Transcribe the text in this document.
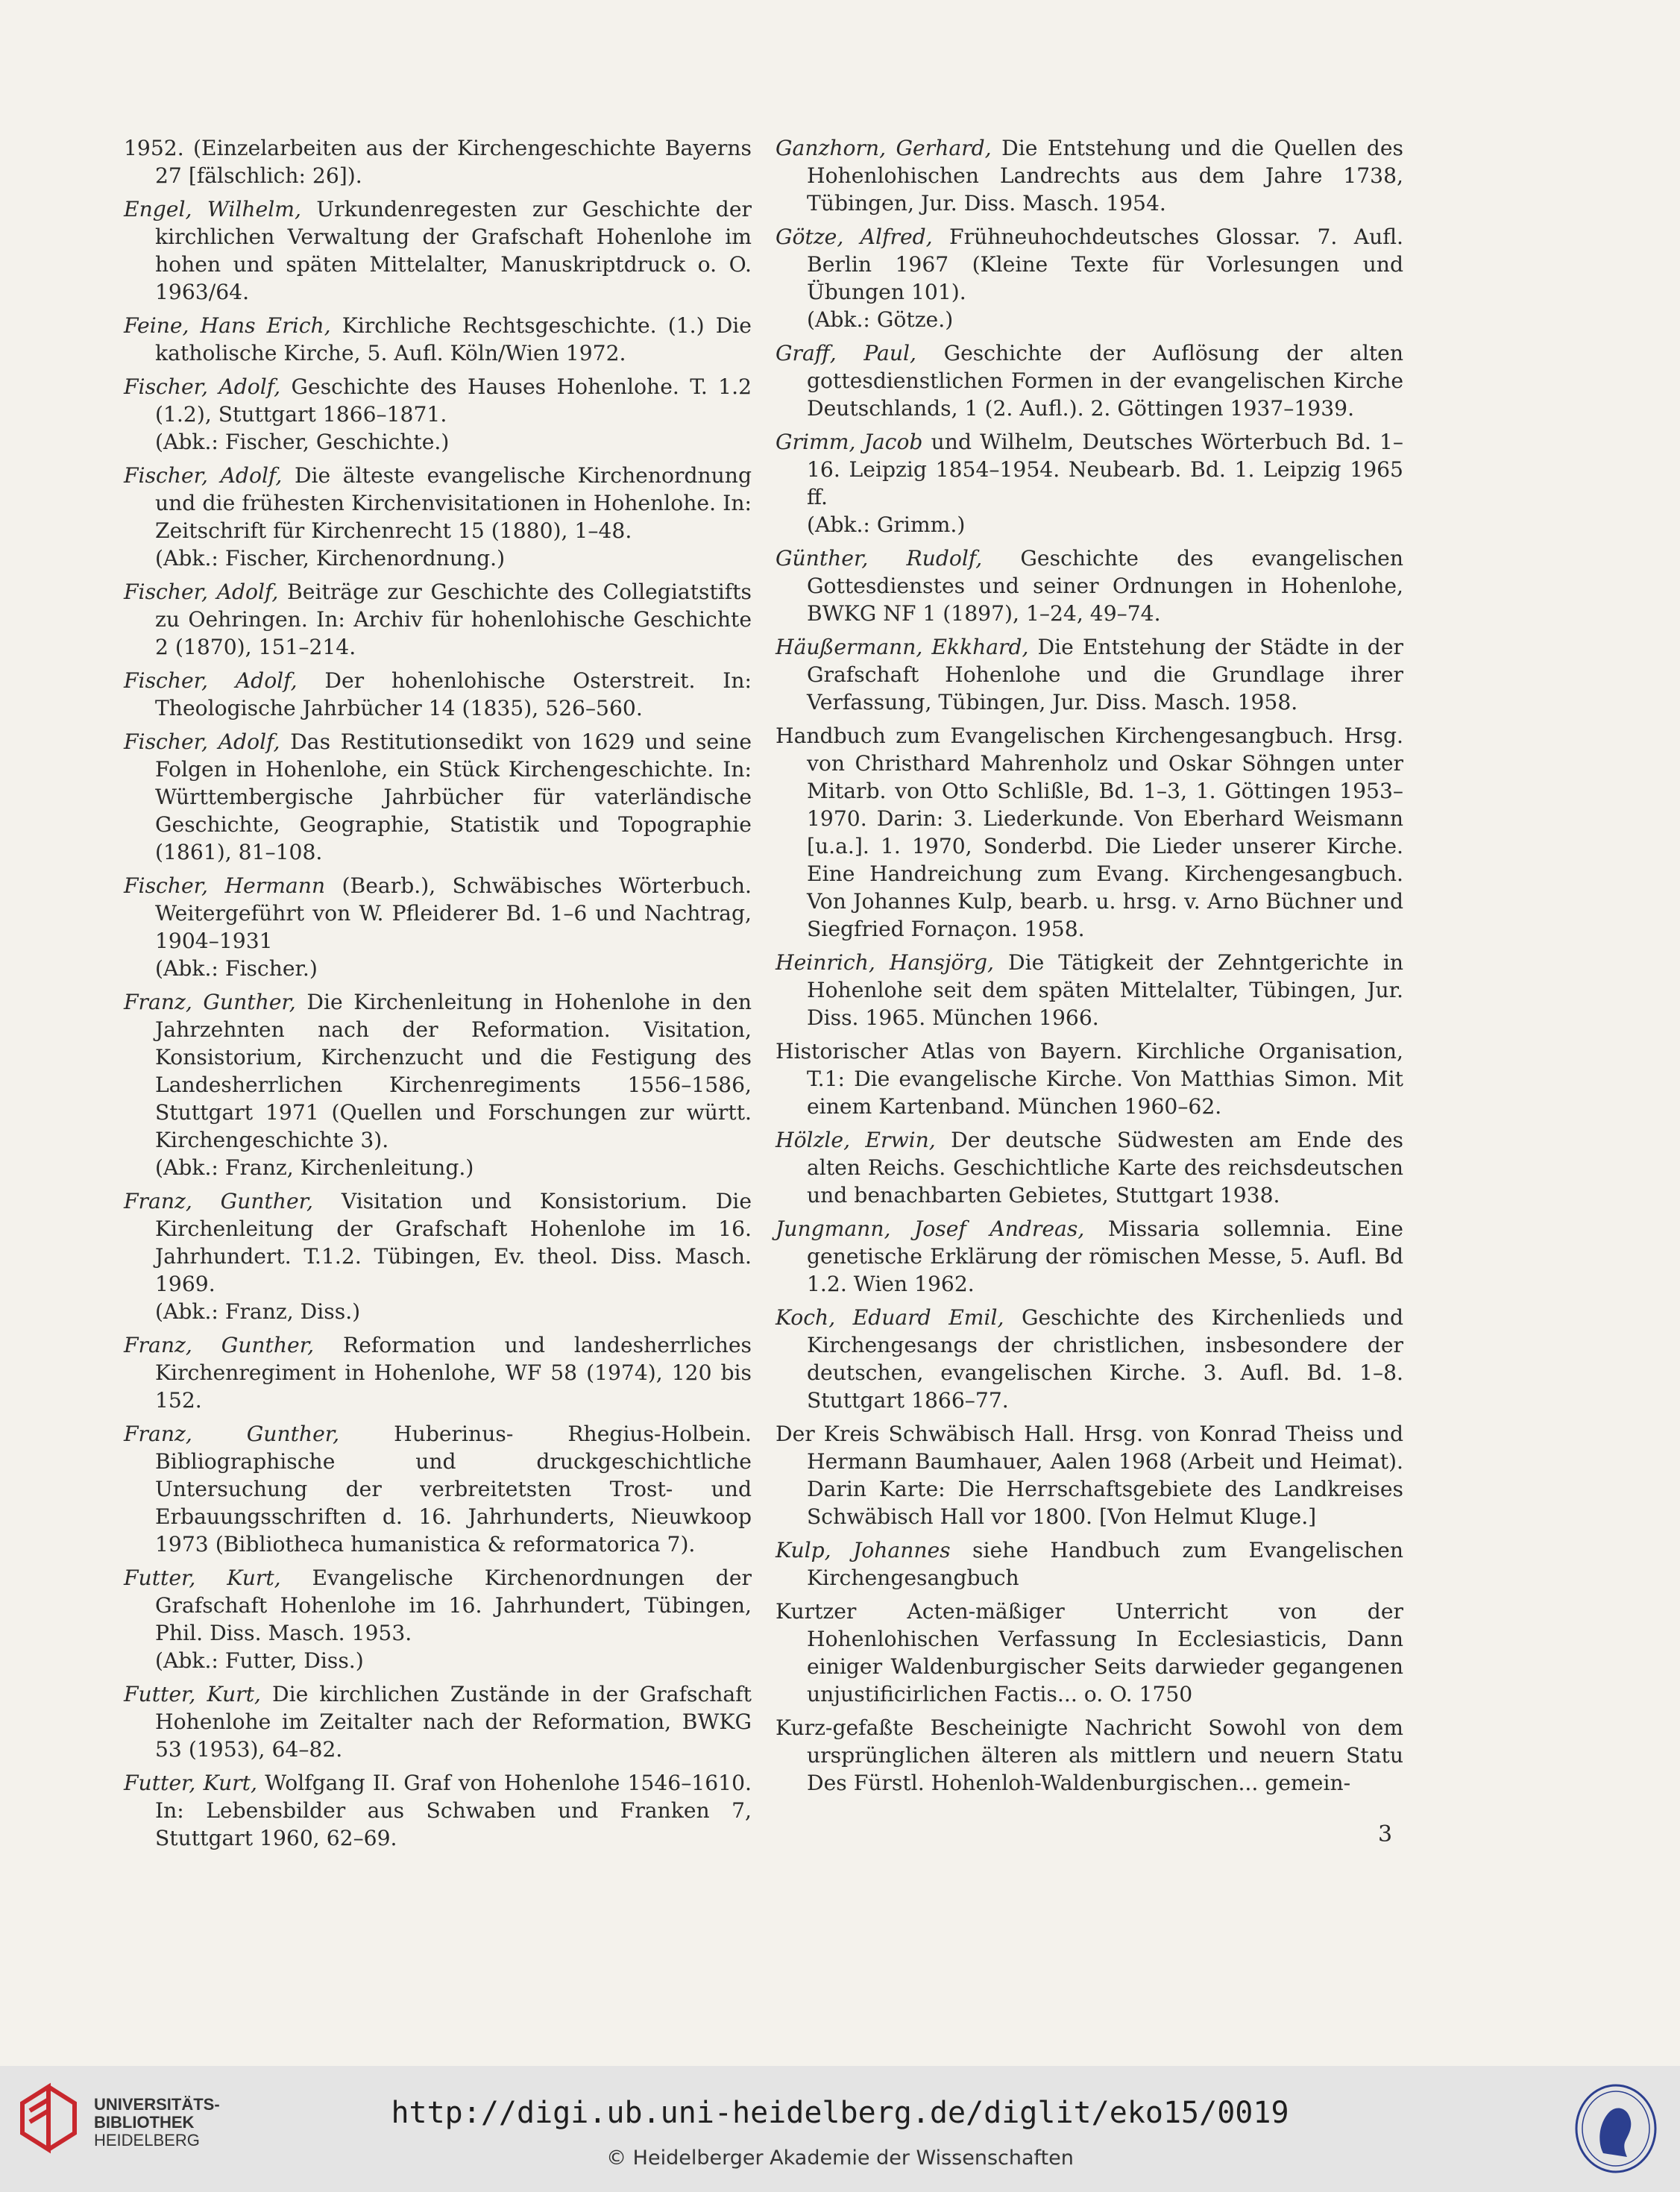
1952. (Einzelarbeiten aus der Kirchengeschichte Bayerns 27 [fälschlich: 26]).

Engel, Wilhelm, Urkundenregesten zur Geschichte der kirchlichen Verwaltung der Grafschaft Hohenlohe im hohen und späten Mittelalter, Manuskriptdruck o. O. 1963/64.

Feine, Hans Erich, Kirchliche Rechtsgeschichte. (1.) Die katholische Kirche, 5. Aufl. Köln/Wien 1972.

Fischer, Adolf, Geschichte des Hauses Hohenlohe. T. 1.2 (1.2), Stuttgart 1866–1871.
(Abk.: Fischer, Geschichte.)

Fischer, Adolf, Die älteste evangelische Kirchenordnung und die frühesten Kirchenvisitationen in Hohenlohe. In: Zeitschrift für Kirchenrecht 15 (1880), 1–48.
(Abk.: Fischer, Kirchenordnung.)

Fischer, Adolf, Beiträge zur Geschichte des Collegiatstifts zu Oehringen. In: Archiv für hohenlohische Geschichte 2 (1870), 151–214.

Fischer, Adolf, Der hohenlohische Osterstreit. In: Theologische Jahrbücher 14 (1835), 526–560.

Fischer, Adolf, Das Restitutionsedikt von 1629 und seine Folgen in Hohenlohe, ein Stück Kirchengeschichte. In: Württembergische Jahrbücher für vaterländische Geschichte, Geographie, Statistik und Topographie (1861), 81–108.

Fischer, Hermann (Bearb.), Schwäbisches Wörterbuch. Weitergeführt von W. Pfleiderer Bd. 1–6 und Nachtrag, 1904–1931
(Abk.: Fischer.)

Franz, Gunther, Die Kirchenleitung in Hohenlohe in den Jahrzehnten nach der Reformation. Visitation, Konsistorium, Kirchenzucht und die Festigung des Landesherrlichen Kirchenregiments 1556–1586, Stuttgart 1971 (Quellen und Forschungen zur württ. Kirchengeschichte 3).
(Abk.: Franz, Kirchenleitung.)

Franz, Gunther, Visitation und Konsistorium. Die Kirchenleitung der Grafschaft Hohenlohe im 16. Jahrhundert. T.1.2. Tübingen, Ev. theol. Diss. Masch. 1969.
(Abk.: Franz, Diss.)

Franz, Gunther, Reformation und landesherrliches Kirchenregiment in Hohenlohe, WF 58 (1974), 120 bis 152.

Franz, Gunther,	Huberinus- Rhegius-Holbein. Bibliographische und druckgeschichtliche Untersuchung der verbreitetsten Trost- und Erbauungsschriften d. 16. Jahrhunderts, Nieuwkoop 1973 (Bibliotheca humanistica & reformatorica 7).

Futter, Kurt, Evangelische Kirchenordnungen der Grafschaft Hohenlohe im 16. Jahrhundert, Tübingen, Phil. Diss. Masch. 1953.
(Abk.: Futter, Diss.)

Futter, Kurt, Die kirchlichen Zustände in der Grafschaft Hohenlohe im Zeitalter nach der Reformation, BWKG 53 (1953), 64–82.

Futter, Kurt, Wolfgang II. Graf von Hohenlohe 1546–1610. In: Lebensbilder aus Schwaben und Franken 7, Stuttgart 1960, 62–69.

Ganzhorn, Gerhard, Die Entstehung und die Quellen des Hohenlohischen Landrechts aus dem Jahre 1738, Tübingen, Jur. Diss. Masch. 1954.

Götze, Alfred, Frühneuhochdeutsches Glossar. 7. Aufl. Berlin 1967 (Kleine Texte für Vorlesungen und Übungen 101).
(Abk.: Götze.)

Graff, Paul, Geschichte der Auflösung der alten gottesdienstlichen Formen in der evangelischen Kirche Deutschlands, 1 (2. Aufl.). 2. Göttingen 1937–1939.

Grimm, Jacob und Wilhelm, Deutsches Wörterbuch Bd. 1–16. Leipzig 1854–1954. Neubearb. Bd. 1. Leipzig 1965 ff.
(Abk.: Grimm.)

Günther, Rudolf, Geschichte des evangelischen Gottesdienstes und seiner Ordnungen in Hohenlohe, BWKG NF 1 (1897), 1–24, 49–74.

Häußermann, Ekkhard, Die Entstehung der Städte in der Grafschaft Hohenlohe und die Grundlage ihrer Verfassung, Tübingen, Jur. Diss. Masch. 1958.

Handbuch zum Evangelischen Kirchengesangbuch. Hrsg. von Christhard Mahrenholz und Oskar Söhngen unter Mitarb. von Otto Schlißle, Bd. 1–3, 1. Göttingen 1953–1970. Darin: 3. Liederkunde. Von Eberhard Weismann [u.a.]. 1. 1970, Sonderbd. Die Lieder unserer Kirche. Eine Handreichung zum Evang. Kirchengesangbuch. Von Johannes Kulp, bearb. u. hrsg. v. Arno Büchner und Siegfried Fornaçon. 1958.

Heinrich, Hansjörg, Die Tätigkeit der Zehntgerichte in Hohenlohe seit dem späten Mittelalter, Tübingen, Jur. Diss. 1965. München 1966.

Historischer Atlas von Bayern. Kirchliche Organisation, T.1: Die evangelische Kirche. Von Matthias Simon. Mit einem Kartenband. München 1960–62.

Hölzle, Erwin, Der deutsche Südwesten am Ende des alten Reichs. Geschichtliche Karte des reichsdeutschen und benachbarten Gebietes, Stuttgart 1938.

Jungmann, Josef Andreas, Missaria sollemnia. Eine genetische Erklärung der römischen Messe, 5. Aufl. Bd 1.2. Wien 1962.

Koch, Eduard Emil, Geschichte des Kirchenlieds und Kirchengesangs der christlichen, insbesondere der deutschen, evangelischen Kirche. 3. Aufl. Bd. 1–8. Stuttgart 1866–77.

Der Kreis Schwäbisch Hall. Hrsg. von Konrad Theiss und Hermann Baumhauer, Aalen 1968 (Arbeit und Heimat). Darin Karte: Die Herrschaftsgebiete des Landkreises Schwäbisch Hall vor 1800. [Von Helmut Kluge.]

Kulp, Johannes siehe Handbuch zum Evangelischen Kirchengesangbuch

Kurtzer Acten-mäßiger Unterricht von der Hohenlohischen Verfassung In Ecclesiasticis, Dann einiger Waldenburgischer Seits darwieder gegangenen unjustificirlichen Factis... o. O. 1750

Kurz-gefaßte Bescheinigte Nachricht Sowohl von dem ursprünglichen älteren als mittlern und neuern Statu Des Fürstl. Hohenloh-Waldenburgischen... gemein-

3
UNIVERSITÄTS-
BIBLIOTHEK
HEIDELBERG
http://digi.ub.uni-heidelberg.de/diglit/eko15/0019
© Heidelberger Akademie der Wissenschaften
